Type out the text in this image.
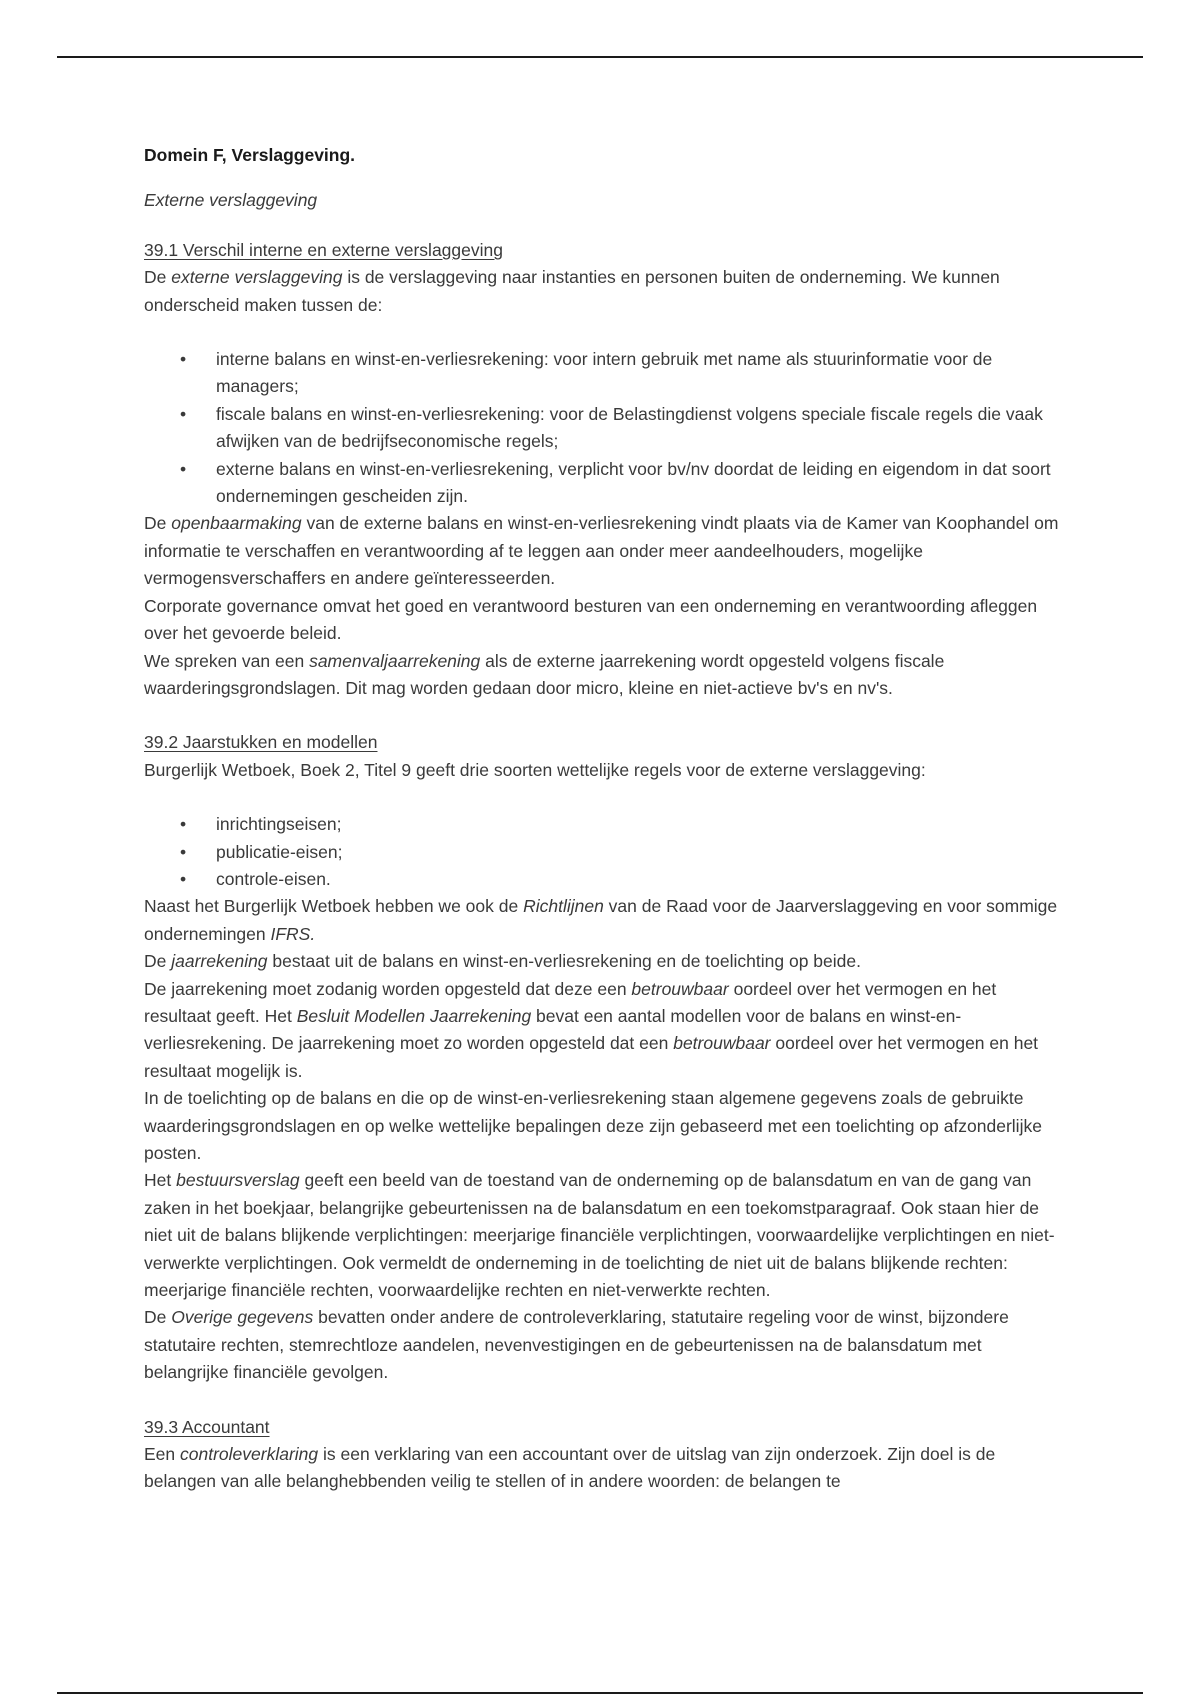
Domein F, Verslaggeving.

Externe verslaggeving

39.1 Verschil interne en externe verslaggeving

De externe verslaggeving is de verslaggeving naar instanties en personen buiten de onderneming. We kunnen onderscheid maken tussen de:

• interne balans en winst-en-verliesrekening: voor intern gebruik met name als stuurinformatie voor de managers;
• fiscale balans en winst-en-verliesrekening: voor de Belastingdienst volgens speciale fiscale regels die vaak afwijken van de bedrijfseconomische regels;
• externe balans en winst-en-verliesrekening, verplicht voor bv/nv doordat de leiding en eigendom in dat soort ondernemingen gescheiden zijn.

De openbaarmaking van de externe balans en winst-en-verliesrekening vindt plaats via de Kamer van Koophandel om informatie te verschaffen en verantwoording af te leggen aan onder meer aandeelhouders, mogelijke vermogensverschaffers en andere geïnteresseerden.

Corporate governance omvat het goed en verantwoord besturen van een onderneming en verantwoording afleggen over het gevoerde beleid.

We spreken van een samenvaljaarrekening als de externe jaarrekening wordt opgesteld volgens fiscale waarderingsgrondslagen. Dit mag worden gedaan door micro, kleine en niet-actieve bv's en nv's.

39.2 Jaarstukken en modellen

Burgerlijk Wetboek, Boek 2, Titel 9 geeft drie soorten wettelijke regels voor de externe verslaggeving:

• inrichtingseisen;
• publicatie-eisen;
• controle-eisen.

Naast het Burgerlijk Wetboek hebben we ook de Richtlijnen van de Raad voor de Jaarverslaggeving en voor sommige ondernemingen IFRS.

De jaarrekening bestaat uit de balans en winst-en-verliesrekening en de toelichting op beide.

De jaarrekening moet zodanig worden opgesteld dat deze een betrouwbaar oordeel over het vermogen en het resultaat geeft. Het Besluit Modellen Jaarrekening bevat een aantal modellen voor de balans en winst-en-verliesrekening. De jaarrekening moet zo worden opgesteld dat een betrouwbaar oordeel over het vermogen en het resultaat mogelijk is.

In de toelichting op de balans en die op de winst-en-verliesrekening staan algemene gegevens zoals de gebruikte waarderingsgrondslagen en op welke wettelijke bepalingen deze zijn gebaseerd met een toelichting op afzonderlijke posten.

Het bestuursverslag geeft een beeld van de toestand van de onderneming op de balansdatum en van de gang van zaken in het boekjaar, belangrijke gebeurtenissen na de balansdatum en een toekomstparagraaf. Ook staan hier de niet uit de balans blijkende verplichtingen: meerjarige financiële verplichtingen, voorwaardelijke verplichtingen en niet-verwerkte verplichtingen. Ook vermeldt de onderneming in de toelichting de niet uit de balans blijkende rechten: meerjarige financiële rechten, voorwaardelijke rechten en niet-verwerkte rechten.

De Overige gegevens bevatten onder andere de controleverklaring, statutaire regeling voor de winst, bijzondere statutaire rechten, stemrechtloze aandelen, nevenvestigingen en de gebeurtenissen na de balansdatum met belangrijke financiële gevolgen.

39.3 Accountant

Een controleverklaring is een verklaring van een accountant over de uitslag van zijn onderzoek. Zijn doel is de belangen van alle belanghebbenden veilig te stellen of in andere woorden: de belangen te
